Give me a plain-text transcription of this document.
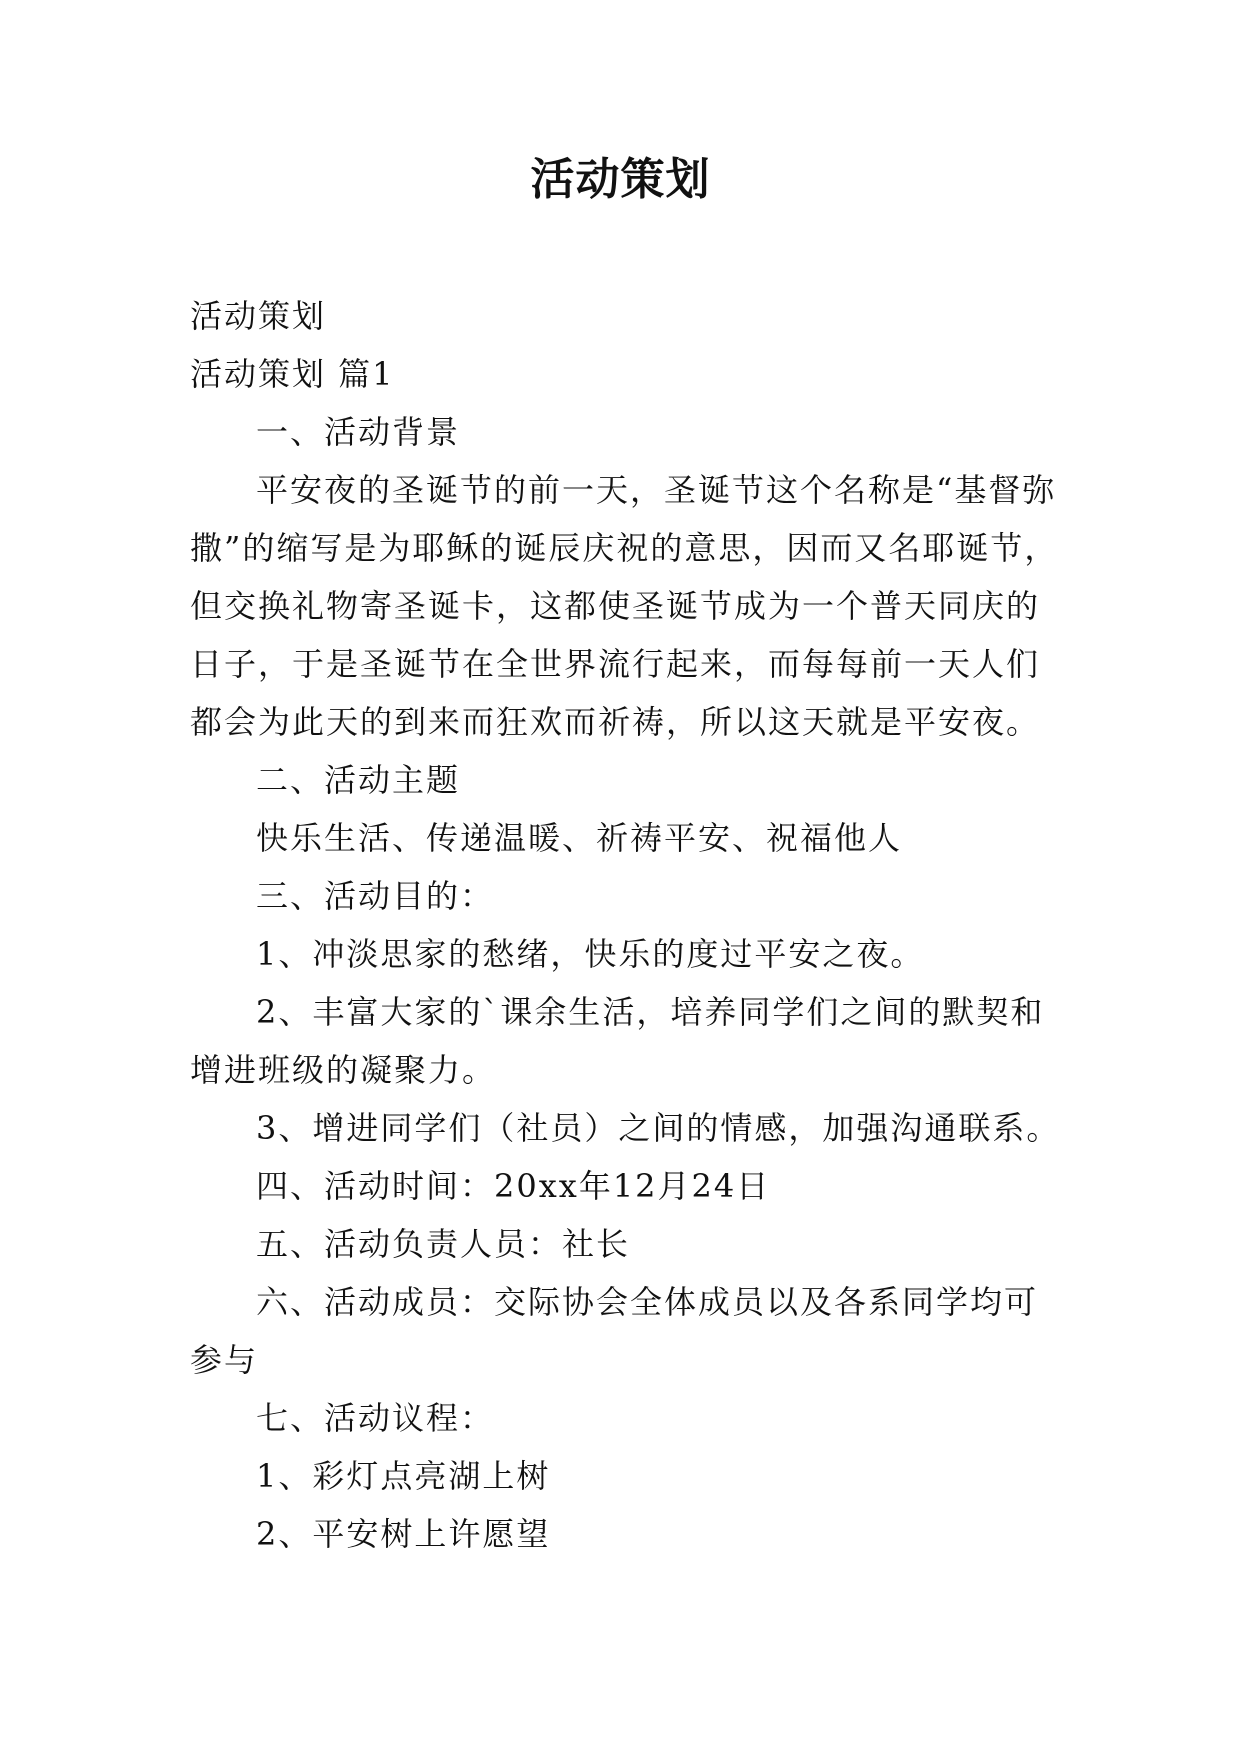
活动策划

活动策划

活动策划 篇1

一、活动背景

平安夜的圣诞节的前一天，圣诞节这个名称是“基督弥撒”的缩写是为耶稣的诞辰庆祝的意思，因而又名耶诞节，但交换礼物寄圣诞卡，这都使圣诞节成为一个普天同庆的日子，于是圣诞节在全世界流行起来，而每每前一天人们都会为此天的到来而狂欢而祈祷，所以这天就是平安夜。

二、活动主题

快乐生活、传递温暖、祈祷平安、祝福他人

三、活动目的：

1、冲淡思家的愁绪，快乐的度过平安之夜。

2、丰富大家的`课余生活，培养同学们之间的默契和增进班级的凝聚力。

3、增进同学们（社员）之间的情感，加强沟通联系。

四、活动时间：20xx年12月24日

五、活动负责人员：社长

六、活动成员：交际协会全体成员以及各系同学均可参与

七、活动议程：

1、彩灯点亮湖上树

2、平安树上许愿望
